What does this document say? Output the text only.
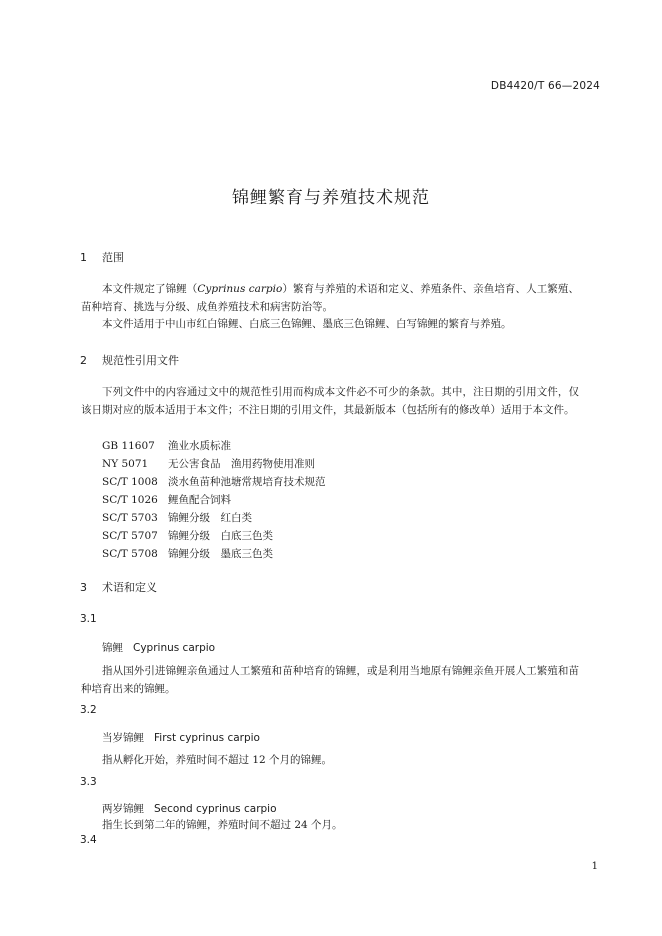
DB4420/T 66—2024
锦鲤繁育与养殖技术规范
1 范围
本文件规定了锦鲤（Cyprinus carpio）繁育与养殖的术语和定义、养殖条件、亲鱼培育、人工繁殖、苗种培育、挑选与分级、成鱼养殖技术和病害防治等。
本文件适用于中山市红白锦鲤、白底三色锦鲤、墨底三色锦鲤、白写锦鲤的繁育与养殖。
2 规范性引用文件
下列文件中的内容通过文中的规范性引用而构成本文件必不可少的条款。其中，注日期的引用文件，仅该日期对应的版本适用于本文件；不注日期的引用文件，其最新版本（包括所有的修改单）适用于本文件。
GB 11607 渔业水质标准
NY 5071 无公害食品　渔用药物使用准则
SC/T 1008 淡水鱼苗种池塘常规培育技术规范
SC/T 1026 鲤鱼配合饲料
SC/T 5703 锦鲤分级　红白类
SC/T 5707 锦鲤分级　白底三色类
SC/T 5708 锦鲤分级　墨底三色类
3 术语和定义
3.1
锦鲤 Cyprinus carpio
指从国外引进锦鲤亲鱼通过人工繁殖和苗种培育的锦鲤，或是利用当地原有锦鲤亲鱼开展人工繁殖和苗种培育出来的锦鲤。
3.2
当岁锦鲤 First cyprinus carpio
指从孵化开始，养殖时间不超过 12 个月的锦鲤。
3.3
两岁锦鲤 Second cyprinus carpio
指生长到第二年的锦鲤，养殖时间不超过 24 个月。
3.4
1
